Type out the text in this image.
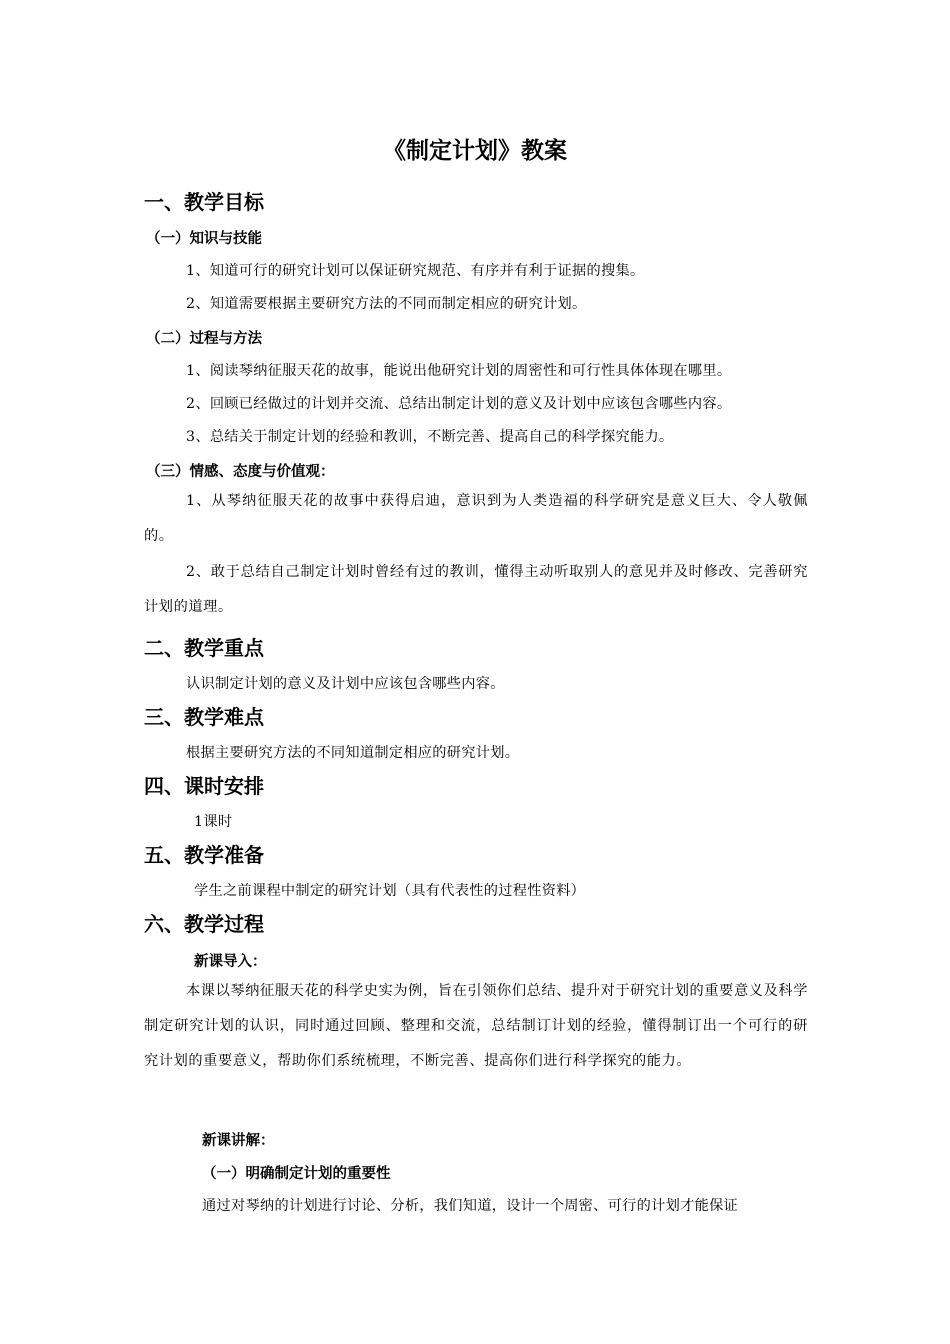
《制定计划》教案
一、教学目标
（一）知识与技能
1、知道可行的研究计划可以保证研究规范、有序并有利于证据的搜集。
2、知道需要根据主要研究方法的不同而制定相应的研究计划。
（二）过程与方法
1、阅读琴纳征服天花的故事，能说出他研究计划的周密性和可行性具体体现在哪里。
2、回顾已经做过的计划并交流、总结出制定计划的意义及计划中应该包含哪些内容。
3、总结关于制定计划的经验和教训，不断完善、提高自己的科学探究能力。
（三）情感、态度与价值观：

1、从琴纳征服天花的故事中获得启迪，意识到为人类造福的科学研究是意义巨大、令人敬佩的。

2、敢于总结自己制定计划时曾经有过的教训，懂得主动听取别人的意见并及时修改、完善研究计划的道理。

二、教学重点
认识制定计划的意义及计划中应该包含哪些内容。
三、教学难点
根据主要研究方法的不同知道制定相应的研究计划。
四、课时安排
1课时
五、教学准备
学生之前课程中制定的研究计划（具有代表性的过程性资料）
六、教学过程
新课导入：

本课以琴纳征服天花的科学史实为例，旨在引领你们总结、提升对于研究计划的重要意义及科学制定研究计划的认识，同时通过回顾、整理和交流，总结制订计划的经验，懂得制订出一个可行的研究计划的重要意义，帮助你们系统梳理，不断完善、提高你们进行科学探究的能力。

新课讲解：
（一）明确制定计划的重要性
通过对琴纳的计划进行讨论、分析，我们知道，设计一个周密、可行的计划才能保证
